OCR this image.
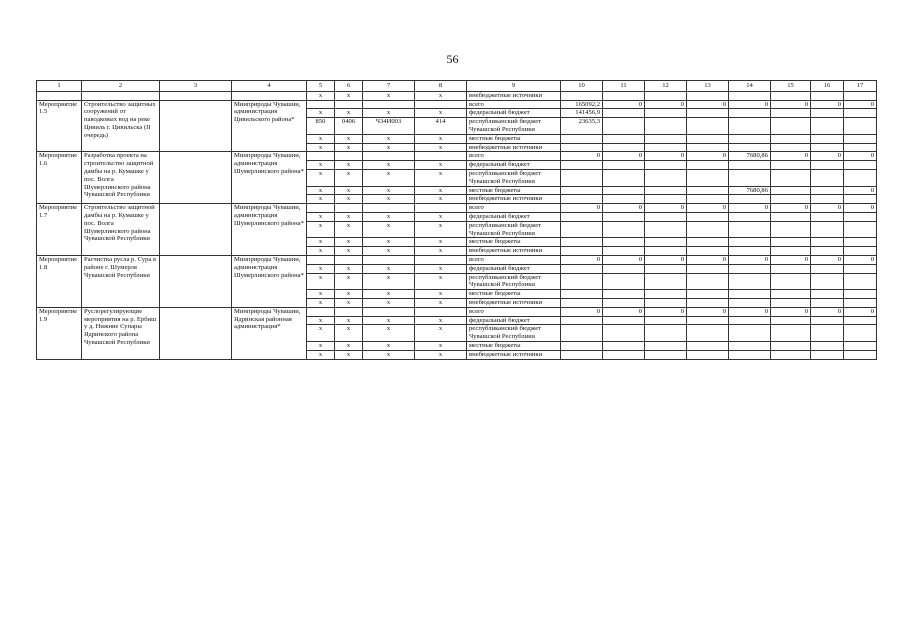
56
1	2	3	4	5	6	7	8	9	10	11	12	13	14	15	16	17
				x	x	x	x	внебюджетные источники								
Мероприятие 1.5	Строительство защитных сооружений от паводковых вод на реке Цивиль г. Цивильска (II очередь)		Минприроды Чувашии, администрация Цивильского района*					всего	165092,2	0	0	0	0	0	0	0
				x	x	x	x	федеральный бюджет	141456,9							
				850	0406	Ч34И003	414	республиканский бюджет Чувашской Республики	23635,3							
				x	x	x	x	местные бюджеты								
				x	x	x	x	внебюджетные источники								
Мероприятие 1.6	Разработка проекта на строительство защитной дамбы на р. Кумашке у пос. Волга Шумерлинского района Чувашской Республики		Минприроды Чувашии, администрация Шумерлинского района*					всего	0	0	0	0	7680,86	0	0	0
				x	x	x	x	федеральный бюджет								
				x	x	x	x	республиканский бюджет Чувашской Республики								
				x	x	x	x	местные бюджеты					7680,86			0
				x	x	x	x	внебюджетные источники								
Мероприятие 1.7	Строительство защитной дамбы на р. Кумашке у пос. Волга Шумерлинского района Чувашской Республики		Минприроды Чувашии, администрация Шумерлинского района*					всего	0	0	0	0	0	0	0	0
				x	x	x	x	федеральный бюджет								
				x	x	x	x	республиканский бюджет Чувашской Республики								
				x	x	x	x	местные бюджеты								
				x	x	x	x	внебюджетные источники								
Мероприятие 1.8	Расчистка русла р. Сура в районе г. Шумерля Чувашской Республики		Минприроды Чувашии, администрация Шумерлинского района*					всего	0	0	0	0	0	0	0	0
				x	x	x	x	федеральный бюджет								
				x	x	x	x	республиканский бюджет Чувашской Республики								
				x	x	x	x	местные бюджеты								
				x	x	x	x	внебюджетные источники								
Мероприятие 1.9	Руслорегулирующие мероприятия на р. Ербиш у д. Нижние Сунары Ядринского района Чувашской Республики		Минприроды Чувашии, Ядринская районная администрация*					всего	0	0	0	0	0	0	0	0
				x	x	x	x	федеральный бюджет								
				x	x	x	x	республиканский бюджет Чувашской Республики								
				x	x	x	x	местные бюджеты								
				x	x	x	x	внебюджетные источники								
